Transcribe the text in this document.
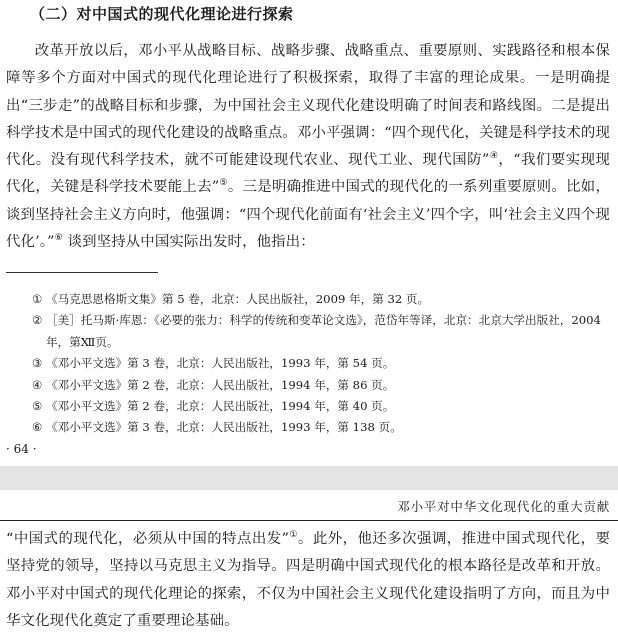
（二）对中国式的现代化理论进行探索

改革开放以后，邓小平从战略目标、战略步骤、战略重点、重要原则、实践路径和根本保障等多个方面对中国式的现代化理论进行了积极探索，取得了丰富的理论成果。一是明确提出“三步走”的战略目标和步骤，为中国社会主义现代化建设明确了时间表和路线图。二是提出科学技术是中国式的现代化建设的战略重点。邓小平强调：“四个现代化，关键是科学技术的现代化。没有现代科学技术，就不可能建设现代农业、现代工业、现代国防”④，“我们要实现现代化，关键是科学技术要能上去”⑤。三是明确推进中国式的现代化的一系列重要原则。比如，谈到坚持社会主义方向时，他强调：“四个现代化前面有‘社会主义’四个字，叫‘社会主义四个现代化’。”⑥ 谈到坚持从中国实际出发时，他指出：

① 《马克思恩格斯文集》第 5 卷，北京：人民出版社，2009 年，第 32 页。
② ［美］托马斯·库恩：《必要的张力：科学的传统和变革论文选》，范岱年等译，北京：北京大学出版社，2004 年，第Ⅻ页。
③ 《邓小平文选》第 3 卷，北京：人民出版社，1993 年，第 54 页。
④ 《邓小平文选》第 2 卷，北京：人民出版社，1994 年，第 86 页。
⑤ 《邓小平文选》第 2 卷，北京：人民出版社，1994 年，第 40 页。
⑥ 《邓小平文选》第 3 卷，北京：人民出版社，1993 年，第 138 页。
· 64 ·
邓小平对中华文化现代化的重大贡献

“中国式的现代化，必须从中国的特点出发”①。此外，他还多次强调，推进中国式现代化，要坚持党的领导，坚持以马克思主义为指导。四是明确中国式现代化的根本路径是改革和开放。邓小平对中国式的现代化理论的探索，不仅为中国社会主义现代化建设指明了方向，而且为中华文化现代化奠定了重要理论基础。
